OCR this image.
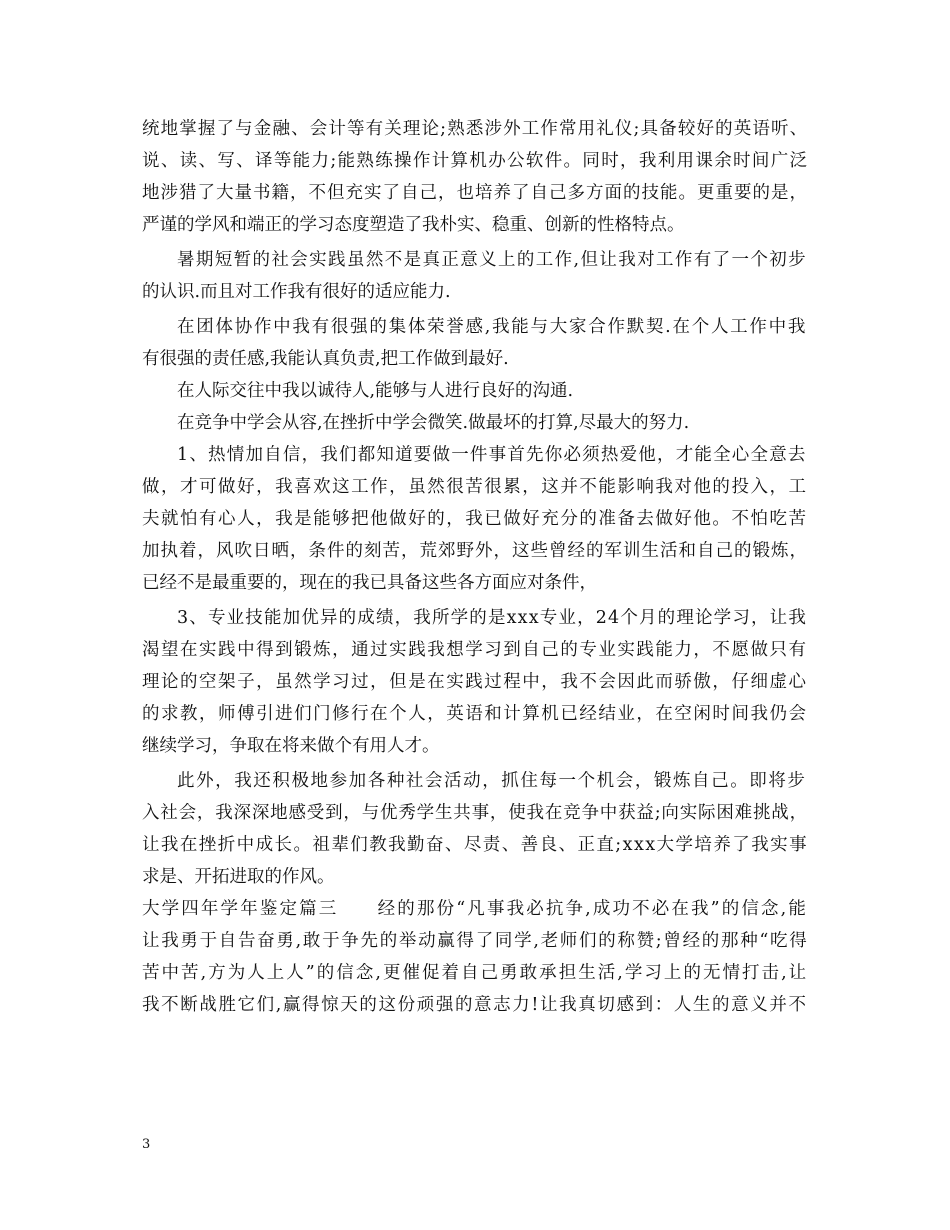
统地掌握了与金融、会计等有关理论;熟悉涉外工作常用礼仪;具备较好的英语听、
说、读、写、译等能力;能熟练操作计算机办公软件。同时，我利用课余时间广泛
地涉猎了大量书籍，不但充实了自己，也培养了自己多方面的技能。更重要的是，
严谨的学风和端正的学习态度塑造了我朴实、稳重、创新的性格特点。
暑期短暂的社会实践虽然不是真正意义上的工作,但让我对工作有了一个初步
的认识.而且对工作我有很好的适应能力.
在团体协作中我有很强的集体荣誉感,我能与大家合作默契.在个人工作中我
有很强的责任感,我能认真负责,把工作做到最好.
在人际交往中我以诚待人,能够与人进行良好的沟通.
在竞争中学会从容,在挫折中学会微笑.做最坏的打算,尽最大的努力.
1、热情加自信，我们都知道要做一件事首先你必须热爱他，才能全心全意去
做，才可做好，我喜欢这工作，虽然很苦很累，这并不能影响我对他的投入，工
夫就怕有心人，我是能够把他做好的，我已做好充分的准备去做好他。不怕吃苦
加执着，风吹日晒，条件的刻苦，荒郊野外，这些曾经的军训生活和自己的锻炼，
已经不是最重要的，现在的我已具备这些各方面应对条件，
3、专业技能加优异的成绩，我所学的是xxx专业，24个月的理论学习，让我
渴望在实践中得到锻炼，通过实践我想学习到自己的专业实践能力，不愿做只有
理论的空架子，虽然学习过，但是在实践过程中，我不会因此而骄傲，仔细虚心
的求教，师傅引进们门修行在个人，英语和计算机已经结业，在空闲时间我仍会
继续学习，争取在将来做个有用人才。
此外，我还积极地参加各种社会活动，抓住每一个机会，锻炼自己。即将步
入社会，我深深地感受到，与优秀学生共事，使我在竞争中获益;向实际困难挑战，
让我在挫折中成长。祖辈们教我勤奋、尽责、善良、正直;xxx大学培养了我实事
求是、开拓进取的作风。
大学四年学年鉴定篇三　　经的那份“凡事我必抗争,成功不必在我”的信念,能
让我勇于自告奋勇,敢于争先的举动赢得了同学,老师们的称赞;曾经的那种“吃得
苦中苦,方为人上人”的信念,更催促着自己勇敢承担生活,学习上的无情打击,让
我不断战胜它们,赢得惊天的这份顽强的意志力!让我真切感到：人生的意义并不
3
